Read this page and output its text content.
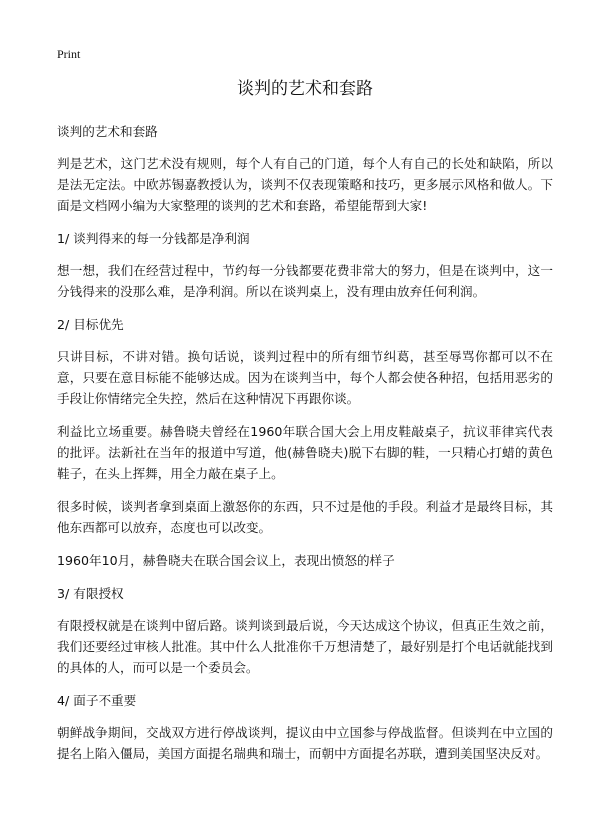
Print
谈判的艺术和套路

谈判的艺术和套路

判是艺术，这门艺术没有规则，每个人有自己的门道，每个人有自己的长处和缺陷，所以是法无定法。中欧苏锡嘉教授认为，谈判不仅表现策略和技巧，更多展示风格和做人。下面是文档网小编为大家整理的谈判的艺术和套路，希望能帮到大家!

1/ 谈判得来的每一分钱都是净利润

想一想，我们在经营过程中，节约每一分钱都要花费非常大的努力，但是在谈判中，这一分钱得来的没那么难，是净利润。所以在谈判桌上，没有理由放弃任何利润。

2/ 目标优先

只讲目标，不讲对错。换句话说，谈判过程中的所有细节纠葛，甚至辱骂你都可以不在意，只要在意目标能不能够达成。因为在谈判当中，每个人都会使各种招，包括用恶劣的手段让你情绪完全失控，然后在这种情况下再跟你谈。

利益比立场重要。赫鲁晓夫曾经在1960年联合国大会上用皮鞋敲桌子，抗议菲律宾代表的批评。法新社在当年的报道中写道，他(赫鲁晓夫)脱下右脚的鞋，一只精心打蜡的黄色鞋子，在头上挥舞，用全力敲在桌子上。

很多时候，谈判者拿到桌面上激怒你的东西，只不过是他的手段。利益才是最终目标，其他东西都可以放弃，态度也可以改变。

1960年10月，赫鲁晓夫在联合国会议上，表现出愤怒的样子

3/ 有限授权

有限授权就是在谈判中留后路。谈判谈到最后说，今天达成这个协议，但真正生效之前，我们还要经过审核人批准。其中什么人批准你千万想清楚了，最好别是打个电话就能找到的具体的人，而可以是一个委员会。

4/ 面子不重要

朝鲜战争期间，交战双方进行停战谈判，提议由中立国参与停战监督。但谈判在中立国的提名上陷入僵局，美国方面提名瑞典和瑞士，而朝中方面提名苏联，遭到美国坚决反对。
